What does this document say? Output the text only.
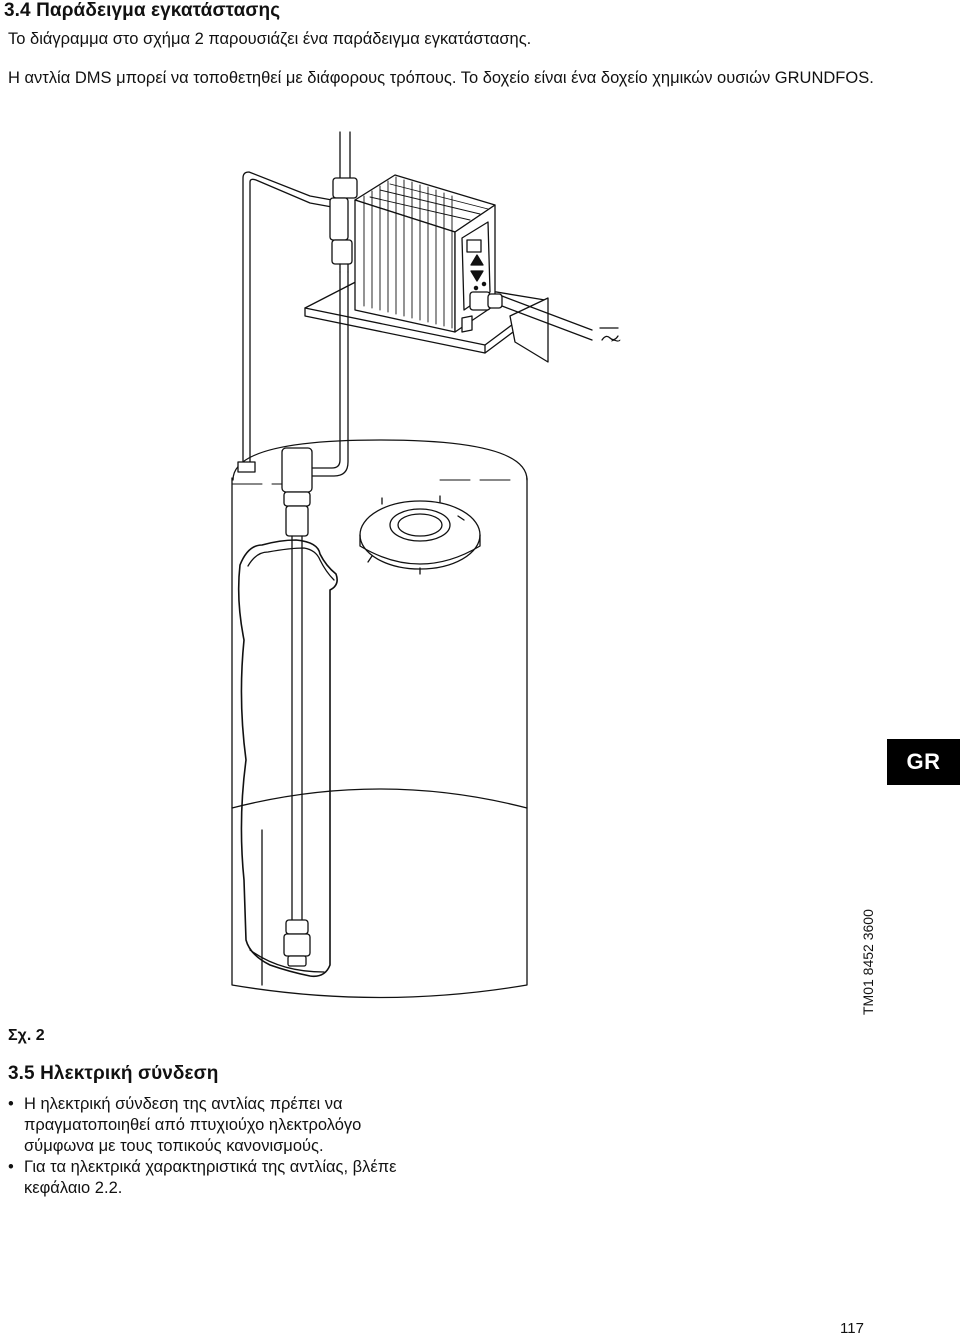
3.4 Παράδειγμα εγκατάστασης
Το διάγραμμα στο σχήμα 2 παρουσιάζει ένα παράδειγμα εγκατάστασης.
Η αντλία DMS μπορεί να τοποθετηθεί με διάφορους τρόπους. Το δοχείο είναι ένα δοχείο χημικών ουσιών GRUNDFOS.
∼
GR
TM01 8452 3600
Σχ. 2
3.5 Ηλεκτρική σύνδεση
• Η ηλεκτρική σύνδεση της αντλίας πρέπει να πραγματοποιηθεί από πτυχιούχο ηλεκτρολόγο σύμφωνα με τους τοπικούς κανονισμούς.
• Για τα ηλεκτρικά χαρακτηριστικά της αντλίας, βλέπε κεφάλαιο 2.2.
117
